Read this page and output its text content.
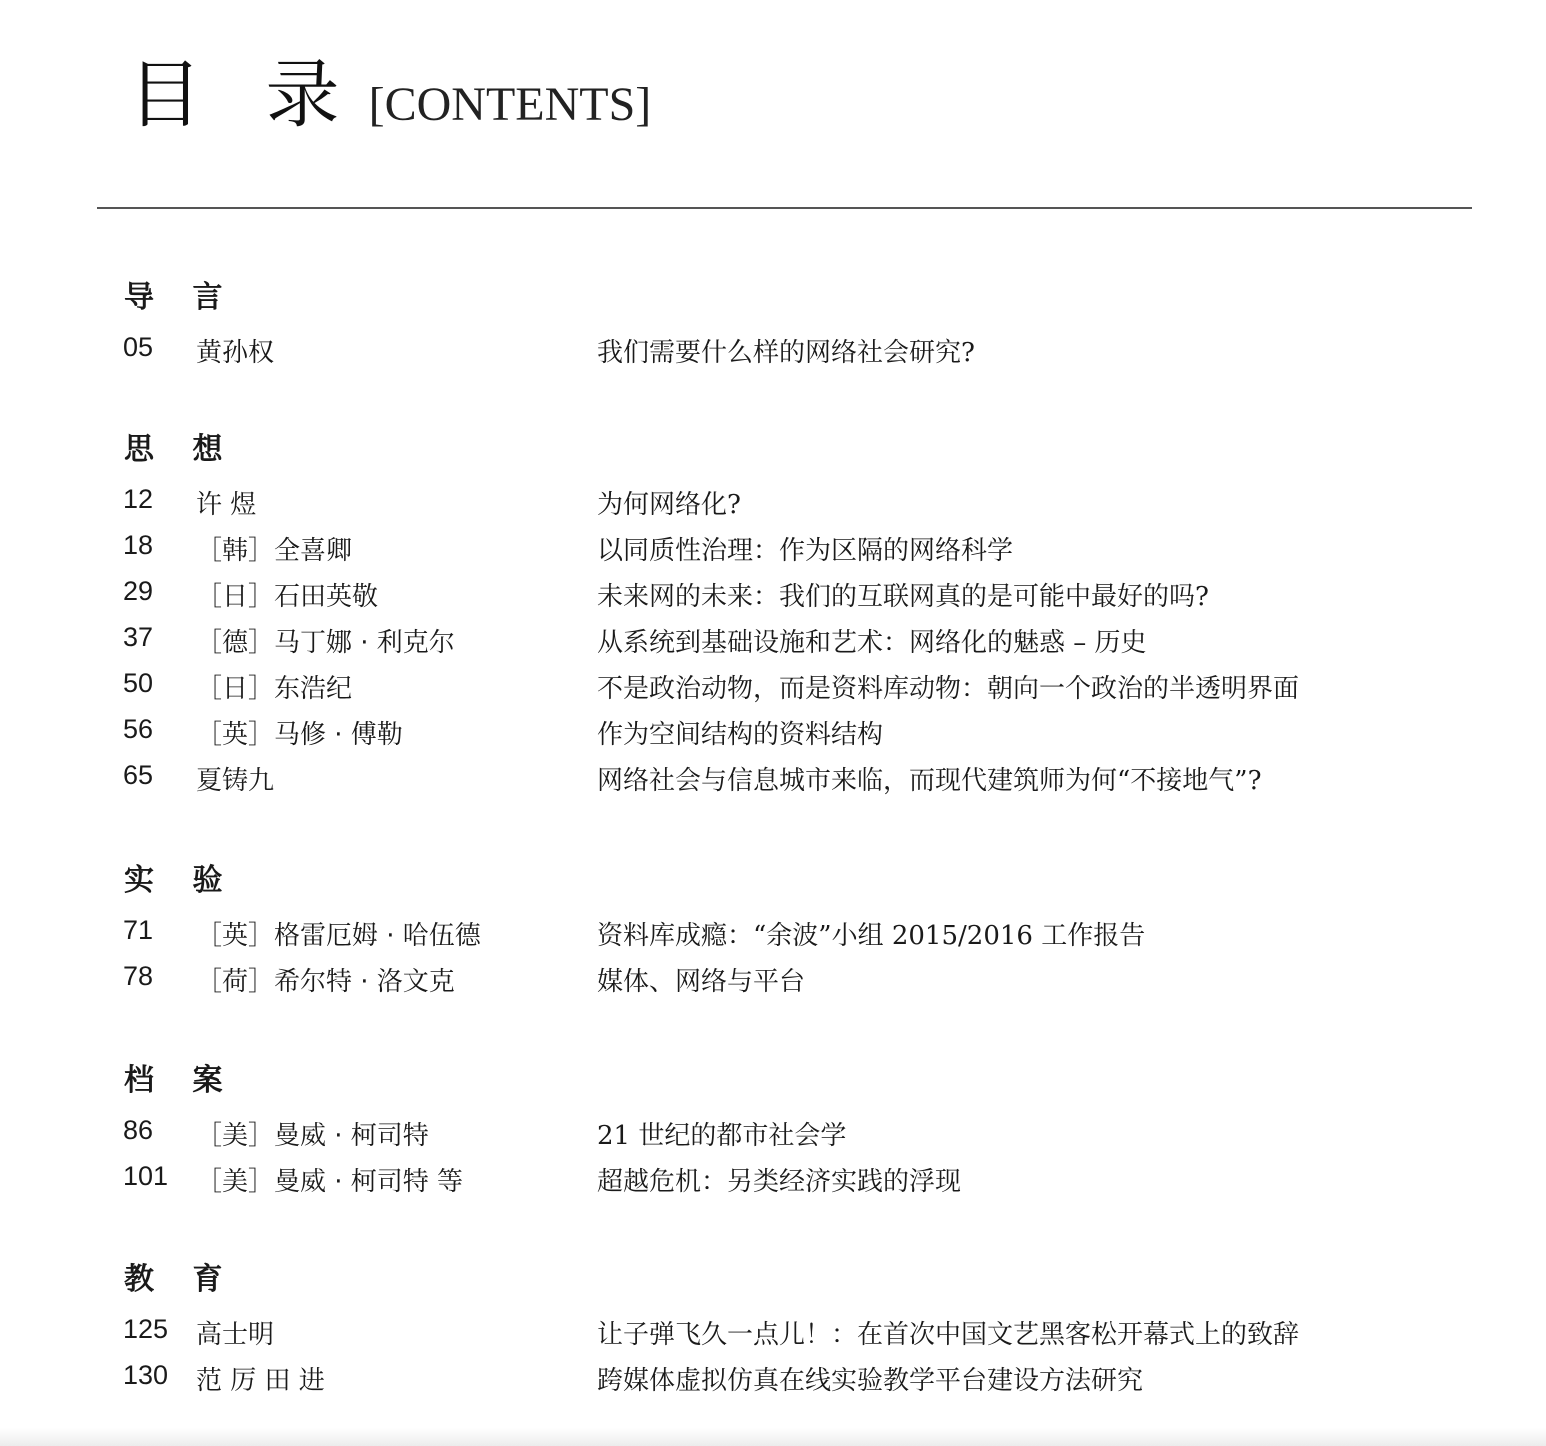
目 录 [CONTENTS]
导 言
05 黄孙权	我们需要什么样的网络社会研究?
思 想
12 许 煜	为何网络化?
18 ［韩］全喜卿	以同质性治理：作为区隔的网络科学
29 ［日］石田英敬	未来网的未来：我们的互联网真的是可能中最好的吗?
37 ［德］马丁娜 · 利克尔	从系统到基础设施和艺术：网络化的魅惑 – 历史
50 ［日］东浩纪	不是政治动物，而是资料库动物：朝向一个政治的半透明界面
56 ［英］马修 · 傅勒	作为空间结构的资料结构
65 夏铸九	网络社会与信息城市来临，而现代建筑师为何“不接地气”?
实 验
71 ［英］格雷厄姆 · 哈伍德	资料库成瘾：“余波”小组 2015/2016 工作报告
78 ［荷］希尔特 · 洛文克	媒体、网络与平台
档 案
86 ［美］曼威 · 柯司特	21 世纪的都市社会学
101 ［美］曼威 · 柯司特 等	超越危机：另类经济实践的浮现
教 育
125 高士明	让子弹飞久一点儿！：在首次中国文艺黑客松开幕式上的致辞
130 范 厉 田 进	跨媒体虚拟仿真在线实验教学平台建设方法研究
